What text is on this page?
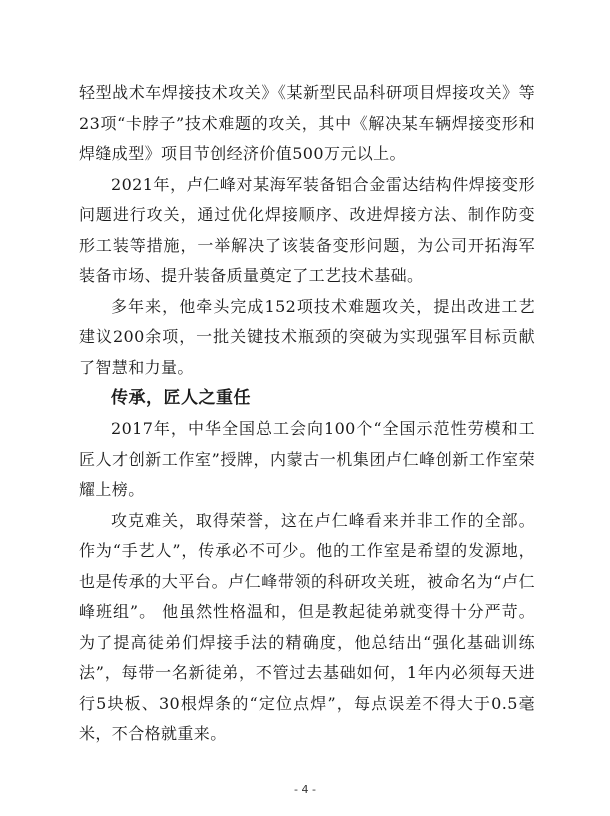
轻型战术车焊接技术攻关》《某新型民品科研项目焊接攻关》等23项“卡脖子”技术难题的攻关，其中《解决某车辆焊接变形和焊缝成型》项目节创经济价值500万元以上。

2021年，卢仁峰对某海军装备铝合金雷达结构件焊接变形问题进行攻关，通过优化焊接顺序、改进焊接方法、制作防变形工装等措施，一举解决了该装备变形问题，为公司开拓海军装备市场、提升装备质量奠定了工艺技术基础。

多年来，他牵头完成152项技术难题攻关，提出改进工艺建议200余项，一批关键技术瓶颈的突破为实现强军目标贡献了智慧和力量。

传承，匠人之重任

2017年，中华全国总工会向100个“全国示范性劳模和工匠人才创新工作室”授牌，内蒙古一机集团卢仁峰创新工作室荣耀上榜。

攻克难关，取得荣誉，这在卢仁峰看来并非工作的全部。作为“手艺人”，传承必不可少。他的工作室是希望的发源地，也是传承的大平台。卢仁峰带领的科研攻关班，被命名为“卢仁峰班组”。 他虽然性格温和，但是教起徒弟就变得十分严苛。为了提高徒弟们焊接手法的精确度，他总结出“强化基础训练法”，每带一名新徒弟，不管过去基础如何，1年内必须每天进行5块板、30根焊条的“定位点焊”，每点误差不得大于0.5毫米，不合格就重来。

- 4 -
